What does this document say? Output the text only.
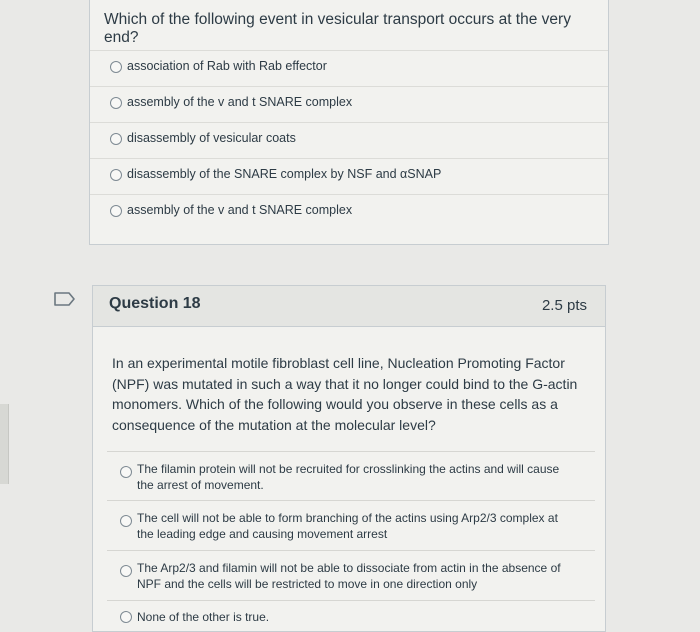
Which of the following event in vesicular transport occurs at the very end?
association of Rab with Rab effector
assembly of the v and t SNARE complex
disassembly of vesicular coats
disassembly of the SNARE complex by NSF and αSNAP
assembly of the v and t SNARE complex
Question 18	2.5 pts
In an experimental motile fibroblast cell line, Nucleation Promoting Factor (NPF) was mutated in such a way that it no longer could bind to the G-actin monomers. Which of the following would you observe in these cells as a consequence of the mutation at the molecular level?
The filamin protein will not be recruited for crosslinking the actins and will cause the arrest of movement.
The cell will not be able to form branching of the actins using Arp2/3 complex at the leading edge and causing movement arrest
The Arp2/3 and filamin will not be able to dissociate from actin in the absence of NPF and the cells will be restricted to move in one direction only
None of the other is true.
